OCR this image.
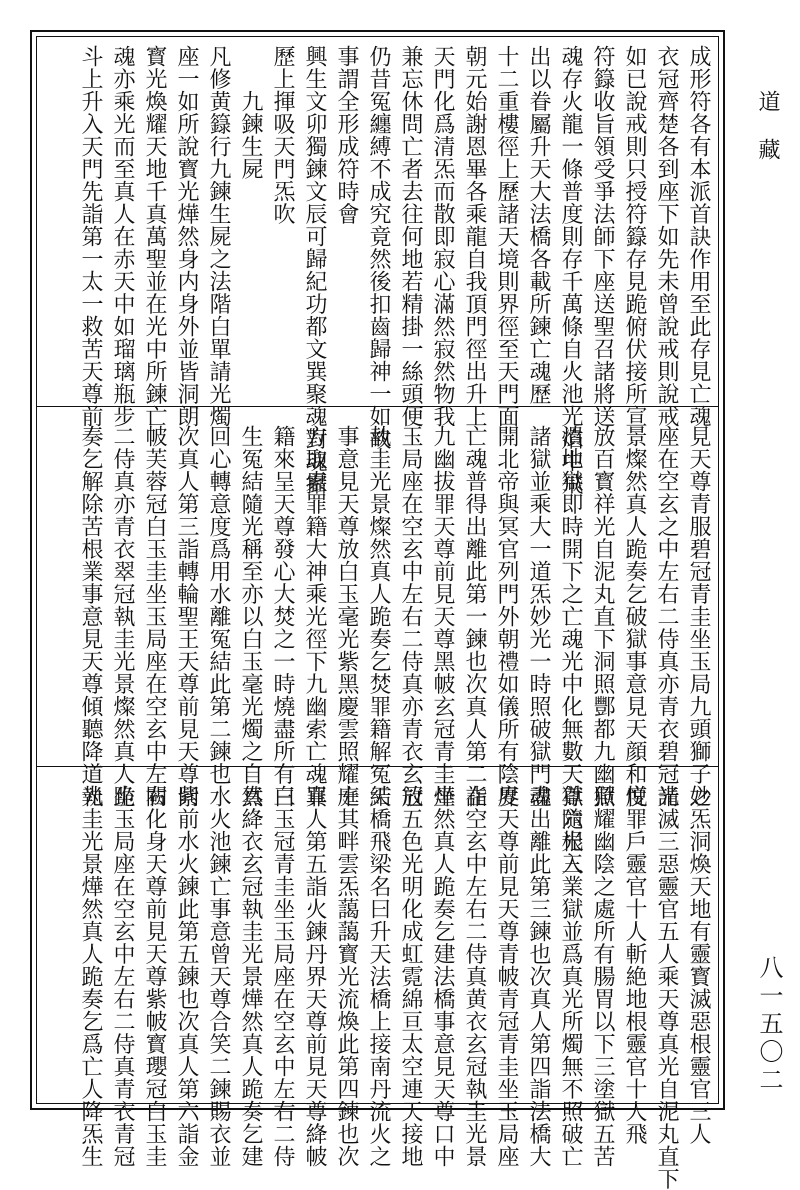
成形符各有本派首訣作用至此存見亡魂
衣冠齊楚各到座下如先未曾說戒則說戒
如已說戒則只授符籙存見跪俯伏接所宣
符籙收旨領受爭法師下座送聖召諸將送
魂存火龍一條普度則存千萬條自火池光焰中飛
出以眷屬升天大法橋各載所鍊亡魂歷
十二重樓徑上歷諸天境則界徑至天門面
朝元始謝恩畢各乘龍自我頂門徑出升上
天門化爲清炁而散即寂心滿然寂然物我
兼忘休問亡者去往何地若精掛一絲頭便
仍昔冤纏縛不成究竟然後扣齒歸神一如故
事謂全形成符時會
興生文卯獨鍊文辰可歸紀功都文巽聚魂對魂攝
歷上揮吸天門炁吹
　　九鍊生屍
凡修黄籙行九鍊生屍之法階白單請光燭
座一如所說寳光燁然身内身外並皆洞朗
寳光煥耀天地千真萬聖並在光中所鍊亡
魂亦乘光而至真人在赤天中如瑠璃瓶步
斗上升入天門先詣第一太一救苦天尊前
見天尊青服碧冠青圭坐玉局九頭獅子之
座在空玄之中左右二侍真亦青衣碧冠光
景燦然真人跪奏乞破獄事意見天顔和悦
放百寳祥光自泥丸直下洞照酆都九幽獄
潰地獄即時開下之亡魂光中化無數天尊隨光入
諸獄並乘大一道炁妙光一時照破獄門盡
開北帝與冥官列門外朝禮如儀所有陰界
亡魂普得出離此第一鍊也次真人第二詣
九幽拔罪天尊前見天尊黑帔玄冠青圭坐
玉局座在空玄中左右二侍真亦青衣玄冠
執圭光景燦然真人跪奏乞焚罪籍解冤結
事意見天尊放白玉毫光紫黑慶雲照耀十
方取索罪籍大神乘光徑下九幽索亡魂罪
籍來呈天尊發心大焚之一時燒盡所有三
生冤結隨光稱至亦以白玉毫光燭之自然
回心轉意度爲用水離冤結此第二鍊也
次真人第三詣轉輪聖王天尊前見天尊紫
帔芙蓉冠白玉圭坐玉局座在空玄中左右
二侍真亦青衣翠冠執圭光景燦然真人跪
奏乞解除苦根業事意見天尊傾聽降道光
妙炁洞煥天地有靈寳滅惡根靈官三人
請滅三惡靈官五人乘天尊真光自泥丸直下
度罪戶靈官十人斬絶地根靈官十人飛
照耀幽陰之處所有腸胃以下三塗獄五苦
獄六根三業獄並爲真光所燭無不照破亡
魂出離此第三鍊也次真人第四詣法橋大
度天尊前見天尊青帔青冠青圭坐玉局座
在空玄中左右二侍真黄衣玄冠執圭光景
燁然真人跪奏乞建法橋事意見天尊口中
放五色光明化成虹霓綿亘太空連天接地
天橋飛梁名曰升天法橋上接南丹流火之
庭其畔雲炁藹藹寳光流煥此第四鍊也次
真人第五詣火鍊丹界天尊前見天尊絳帔
白玉冠青圭坐玉局座在空玄中左右二侍
真絳衣玄冠執圭光景燁然真人跪奏乞建
水火池鍊亡事意曾天尊合笑二鍊賜衣並
同前水火鍊此第五鍊也次真人第六詣金
闕化身天尊前見天尊紫帔寳瓔冠白玉圭
坐玉局座在空玄中左右二侍真青衣青冠
執圭光景燁然真人跪奏乞爲亡人降炁生
道藏
八一五〇二
